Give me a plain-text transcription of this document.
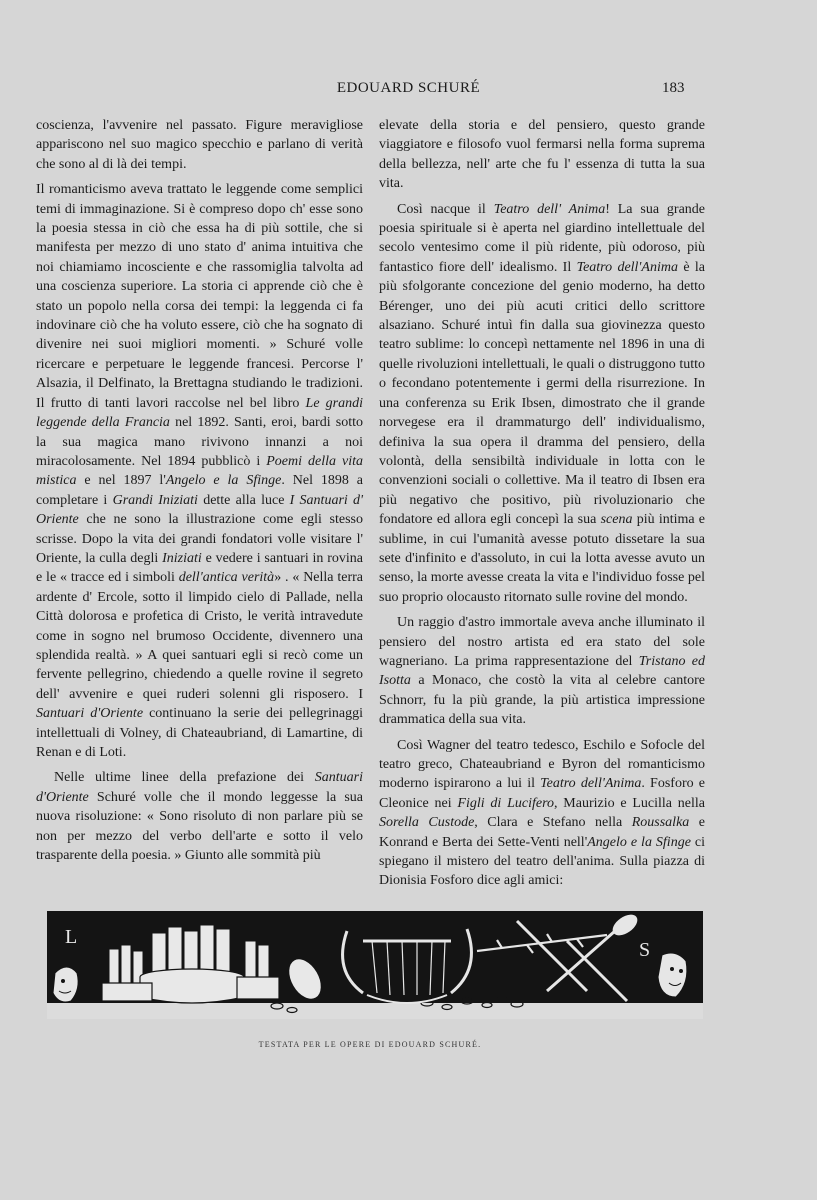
EDOUARD SCHURÉ	183

coscienza, l'avvenire nel passato. Figure meravigliose appariscono nel suo magico specchio e parlano di verità che sono al di là dei tempi.

Il romanticismo aveva trattato le leggende come semplici temi di immaginazione. Si è compreso dopo ch' esse sono la poesia stessa in ciò che essa ha di più sottile, che si manifesta per mezzo di uno stato d' anima intuitiva che noi chiamiamo incosciente e che rassomiglia talvolta ad una coscienza superiore. La storia ci apprende ciò che è stato un popolo nella corsa dei tempi: la leggenda ci fa indovinare ciò che ha voluto essere, ciò che ha sognato di divenire nei suoi migliori momenti. » Schuré volle ricercare e perpetuare le leggende francesi. Percorse l' Alsazia, il Delfinato, la Brettagna studiando le tradizioni. Il frutto di tanti lavori raccolse nel bel libro Le grandi leggende della Francia nel 1892. Santi, eroi, bardi sotto la sua magica mano rivivono innanzi a noi miracolosamente. Nel 1894 pubblicò i Poemi della vita mistica e nel 1897 l'Angelo e la Sfinge. Nel 1898 a completare i Grandi Iniziati dette alla luce I Santuari d' Oriente che ne sono la illustrazione come egli stesso scrisse. Dopo la vita dei grandi fondatori volle visitare l' Oriente, la culla degli Iniziati e vedere i santuari in rovina e le « tracce ed i simboli dell'antica verità» . « Nella terra ardente d' Ercole, sotto il limpido cielo di Pallade, nella Città dolorosa e profetica di Cristo, le verità intravedute come in sogno nel brumoso Occidente, divennero una splendida realtà. » A quei santuari egli si recò come un fervente pellegrino, chiedendo a quelle rovine il segreto dell' avvenire e quei ruderi solenni gli risposero. I Santuari d'Oriente continuano la serie dei pellegrinaggi intellettuali di Volney, di Chateaubriand, di Lamartine, di Renan e di Loti.

Nelle ultime linee della prefazione dei Santuari d'Oriente Schuré volle che il mondo leggesse la sua nuova risoluzione: « Sono risoluto di non parlare più se non per mezzo del verbo dell'arte e sotto il velo trasparente della poesia. » Giunto alle sommità più

elevate della storia e del pensiero, questo grande viaggiatore e filosofo vuol fermarsi nella forma suprema della bellezza, nell' arte che fu l' essenza di tutta la sua vita.

Così nacque il Teatro dell' Anima! La sua grande poesia spirituale si è aperta nel giardino intellettuale del secolo ventesimo come il più ridente, più odoroso, più fantastico fiore dell' idealismo. Il Teatro dell'Anima è la più sfolgorante concezione del genio moderno, ha detto Bérenger, uno dei più acuti critici dello scrittore alsaziano. Schuré intuì fin dalla sua giovinezza questo teatro sublime: lo concepì nettamente nel 1896 in una di quelle rivoluzioni intellettuali, le quali o distruggono tutto o fecondano potentemente i germi della risurrezione. In una conferenza su Erik Ibsen, dimostrato che il grande norvegese era il drammaturgo dell' individualismo, definiva la sua opera il dramma del pensiero, della volontà, della sensibiltà individuale in lotta con le convenzioni sociali o collettive. Ma il teatro di Ibsen era più negativo che positivo, più rivoluzionario che fondatore ed allora egli concepì la sua scena più intima e sublime, in cui l'umanità avesse potuto dissetare la sua sete d'infinito e d'assoluto, in cui la lotta avesse avuto un senso, la morte avesse creata la vita e l'individuo fosse pel suo proprio olocausto ritornato sulle rovine del mondo.

Un raggio d'astro immortale aveva anche illuminato il pensiero del nostro artista ed era stato del sole wagneriano. La prima rappresentazione del Tristano ed Isotta a Monaco, che costò la vita al celebre cantore Schnorr, fu la più grande, la più artistica impressione drammatica della sua vita.

Così Wagner del teatro tedesco, Eschilo e Sofocle del teatro greco, Chateaubriand e Byron del romanticismo moderno ispirarono a lui il Teatro dell'Anima. Fosforo e Cleonice nei Figli di Lucifero, Maurizio e Lucilla nella Sorella Custode, Clara e Stefano nella Roussalka e Konrand e Berta dei Sette-Venti nell'Angelo e la Sfinge ci spiegano il mistero del teatro dell'anima. Sulla piazza di Dionisia Fosforo dice agli amici:

L
S
TESTATA PER LE OPERE DI EDOUARD SCHURÉ.
